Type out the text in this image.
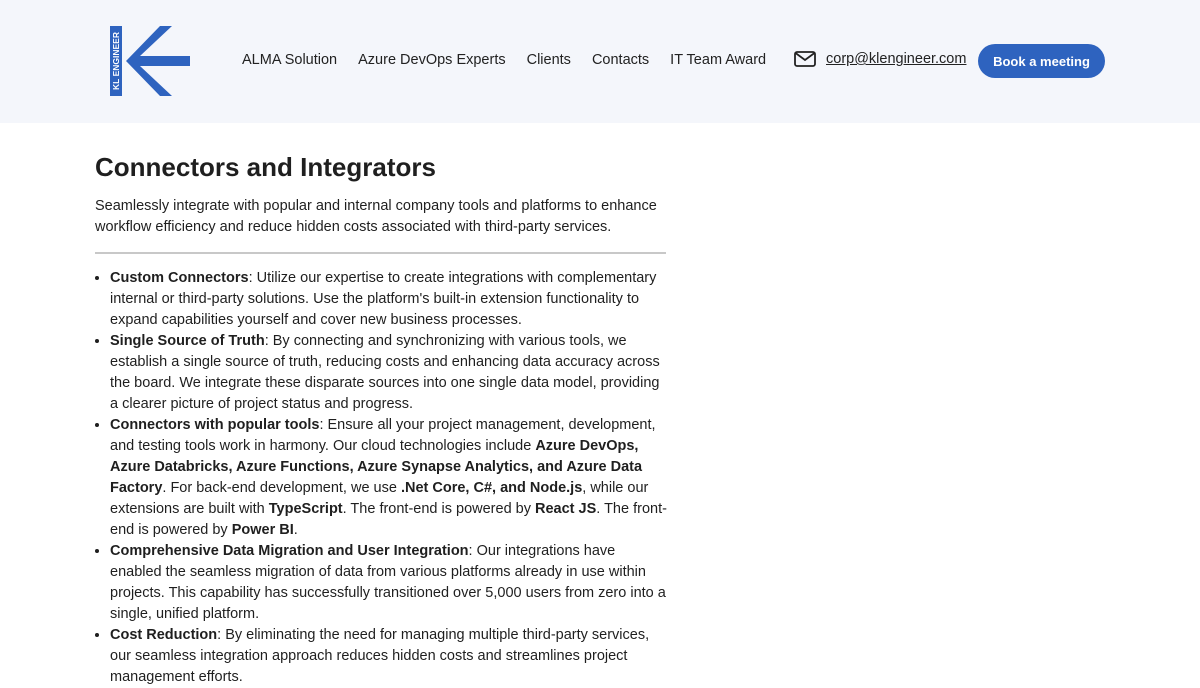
KL ENGINEER	ALMA Solution Azure DevOps Experts Clients Contacts IT Team Award	corp@klengineer.com	Book a meeting
Connectors and Integrators

Seamlessly integrate with popular and internal company tools and platforms to enhance workflow efficiency and reduce hidden costs associated with third-party services.

• Custom Connectors: Utilize our expertise to create integrations with complementary internal or third-party solutions. Use the platform's built-in extension functionality to expand capabilities yourself and cover new business processes.
• Single Source of Truth: By connecting and synchronizing with various tools, we establish a single source of truth, reducing costs and enhancing data accuracy across the board. We integrate these disparate sources into one single data model, providing a clearer picture of project status and progress.
• Connectors with popular tools: Ensure all your project management, development, and testing tools work in harmony. Our cloud technologies include Azure DevOps, Azure Databricks, Azure Functions, Azure Synapse Analytics, and Azure Data Factory. For back-end development, we use .Net Core, C#, and Node.js, while our extensions are built with TypeScript. The front-end is powered by React JS. The front-end is powered by Power BI.
• Comprehensive Data Migration and User Integration: Our integrations have enabled the seamless migration of data from various platforms already in use within projects. This capability has successfully transitioned over 5,000 users from zero into a single, unified platform.
• Cost Reduction: By eliminating the need for managing multiple third-party services, our seamless integration approach reduces hidden costs and streamlines project management efforts.
